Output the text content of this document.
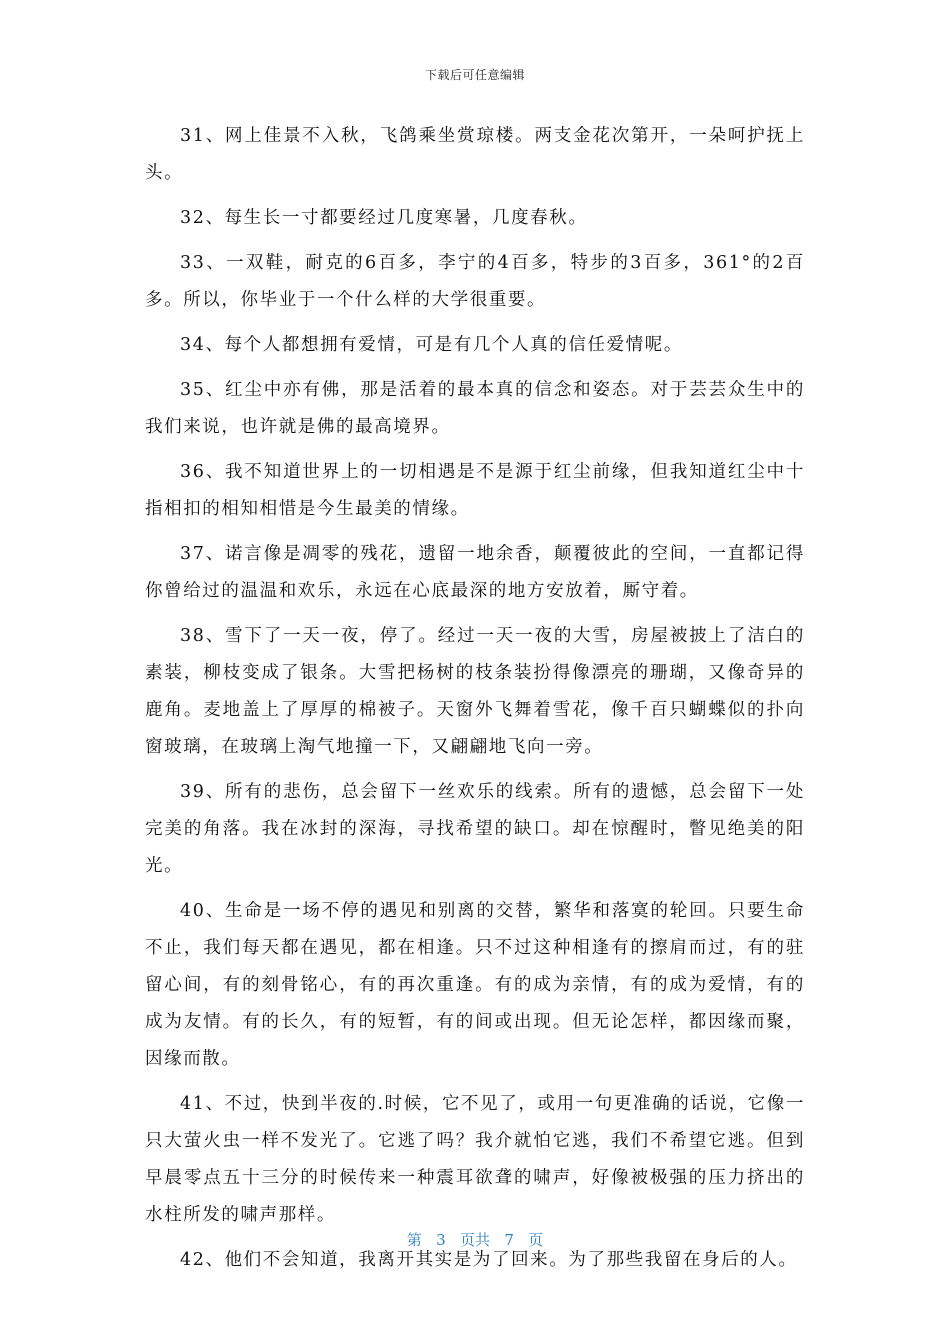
下载后可任意编辑

31、网上佳景不入秋，飞鸽乘坐赏琼楼。两支金花次第开，一朵呵护抚上头。

32、每生长一寸都要经过几度寒暑，几度春秋。

33、一双鞋，耐克的6百多，李宁的4百多，特步的3百多，361°的2百多。所以，你毕业于一个什么样的大学很重要。

34、每个人都想拥有爱情，可是有几个人真的信任爱情呢。

35、红尘中亦有佛，那是活着的最本真的信念和姿态。对于芸芸众生中的我们来说，也许就是佛的最高境界。

36、我不知道世界上的一切相遇是不是源于红尘前缘，但我知道红尘中十指相扣的相知相惜是今生最美的情缘。

37、诺言像是凋零的残花，遗留一地余香，颠覆彼此的空间，一直都记得你曾给过的温温和欢乐，永远在心底最深的地方安放着，厮守着。

38、雪下了一天一夜，停了。经过一天一夜的大雪，房屋被披上了洁白的素装，柳枝变成了银条。大雪把杨树的枝条装扮得像漂亮的珊瑚，又像奇异的鹿角。麦地盖上了厚厚的棉被子。天窗外飞舞着雪花，像千百只蝴蝶似的扑向窗玻璃，在玻璃上淘气地撞一下，又翩翩地飞向一旁。

39、所有的悲伤，总会留下一丝欢乐的线索。所有的遗憾，总会留下一处完美的角落。我在冰封的深海，寻找希望的缺口。却在惊醒时，瞥见绝美的阳光。

40、生命是一场不停的遇见和别离的交替，繁华和落寞的轮回。只要生命不止，我们每天都在遇见，都在相逢。只不过这种相逢有的擦肩而过，有的驻留心间，有的刻骨铭心，有的再次重逢。有的成为亲情，有的成为爱情，有的成为友情。有的长久，有的短暂，有的间或出现。但无论怎样，都因缘而聚，因缘而散。

41、不过，快到半夜的.时候，它不见了，或用一句更准确的话说，它像一只大萤火虫一样不发光了。它逃了吗？我介就怕它逃，我们不希望它逃。但到早晨零点五十三分的时候传来一种震耳欲聋的啸声，好像被极强的压力挤出的水柱所发的啸声那样。

42、他们不会知道，我离开其实是为了回来。为了那些我留在身后的人。

第 3 页共 7 页
